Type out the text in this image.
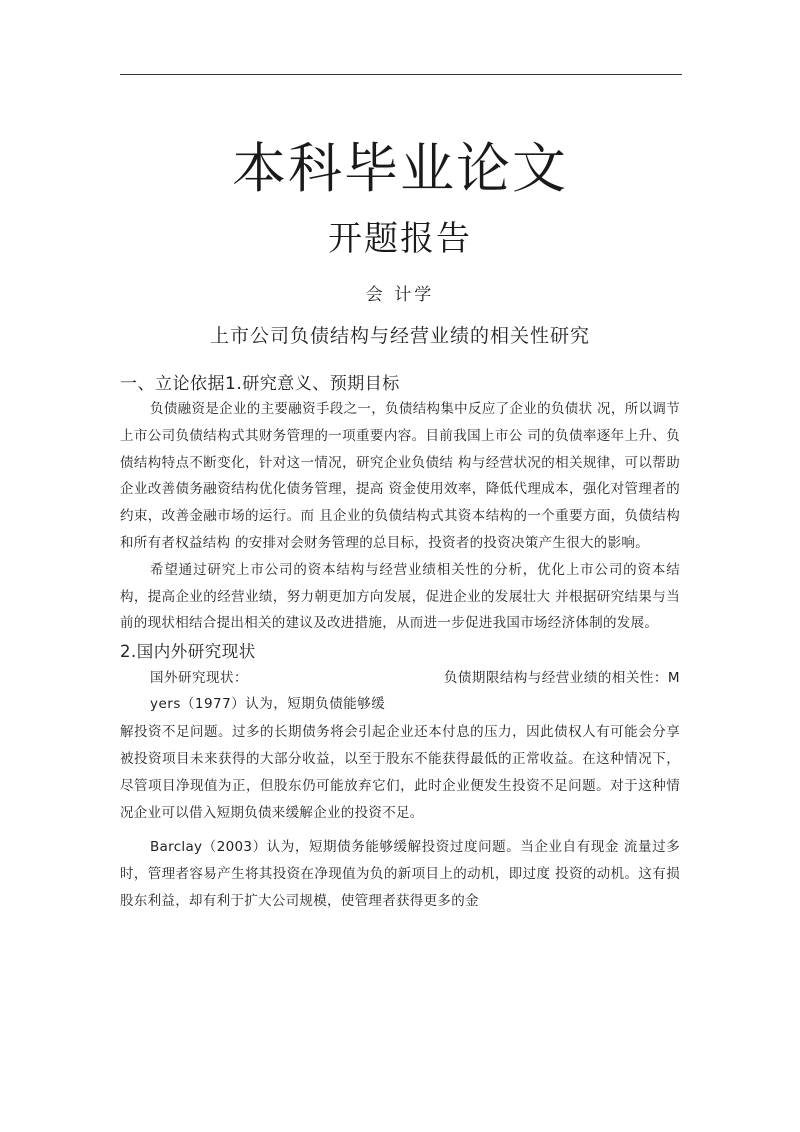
本科毕业论文
开题报告
会 计学
上市公司负债结构与经营业绩的相关性研究
一、立论依据1.研究意义、预期目标

负债融资是企业的主要融资手段之一，负债结构集中反应了企业的负债状 况，所以调节上市公司负债结构式其财务管理的一项重要内容。目前我国上市公 司的负债率逐年上升、负债结构特点不断变化，针对这一情况，研究企业负债结 构与经营状况的相关规律，可以帮助企业改善债务融资结构优化债务管理，提高 资金使用效率，降低代理成本，强化对管理者的约束，改善金融市场的运行。而 且企业的负债结构式其资本结构的一个重要方面，负债结构和所有者权益结构 的安排对会财务管理的总目标，投资者的投资决策产生很大的影响。

希望通过研究上市公司的资本结构与经营业绩相关性的分析，优化上市公司的资本结构，提高企业的经营业绩，努力朝更加方向发展，促进企业的发展壮大 并根据研究结果与当前的现状相结合提出相关的建议及改进措施，从而进一步促进我国市场经济体制的发展。

2.国内外研究现状
国外研究现状：	负债期限结构与经营业绩的相关性：M
yers（1977）认为，短期负债能够缓

解投资不足问题。过多的长期债务将会引起企业还本付息的压力，因此债权人有可能会分享被投资项目未来获得的大部分收益，以至于股东不能获得最低的正常收益。在这种情况下，尽管项目净现值为正，但股东仍可能放弃它们，此时企业便发生投资不足问题。对于这种情况企业可以借入短期负债来缓解企业的投资不足。

Barclay（2003）认为，短期债务能够缓解投资过度问题。当企业自有现金 流量过多时，管理者容易产生将其投资在净现值为负的新项目上的动机，即过度 投资的动机。这有损股东利益，却有利于扩大公司规模，使管理者获得更多的金
